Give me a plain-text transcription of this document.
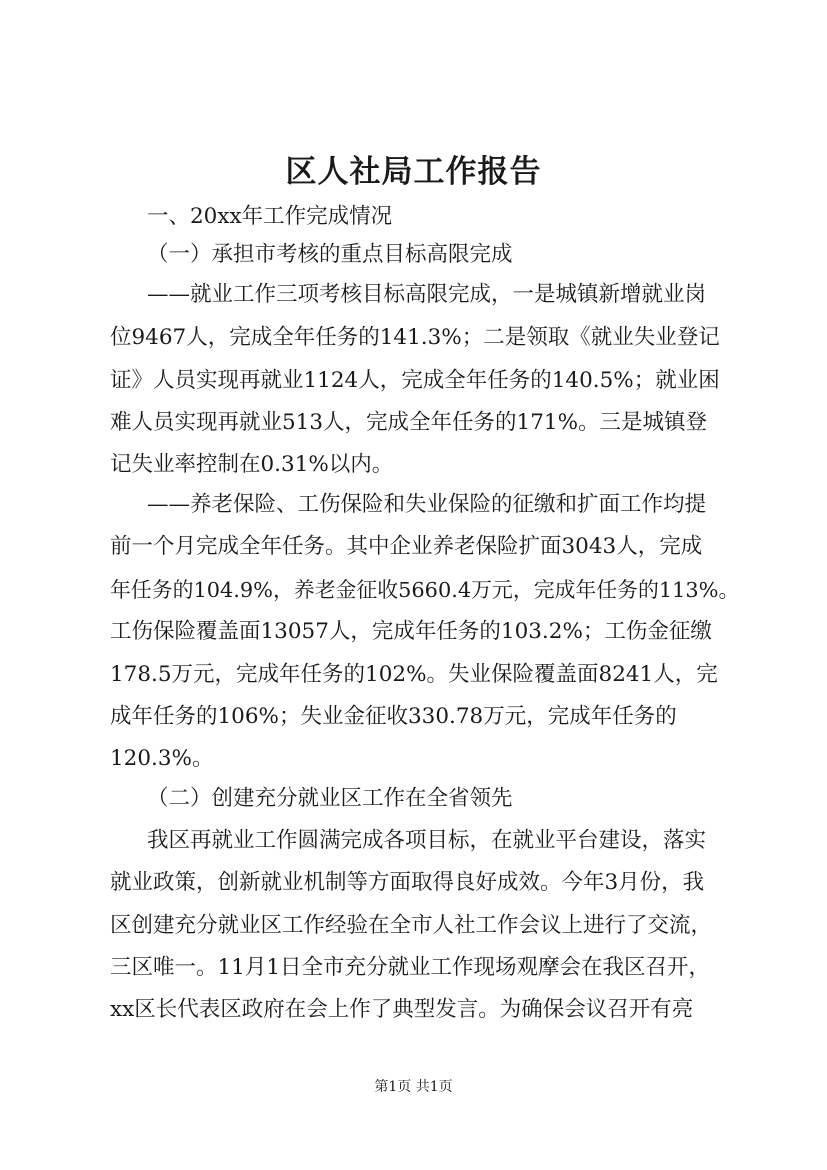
区人社局工作报告
一、20xx年工作完成情况
（一）承担市考核的重点目标高限完成
——就业工作三项考核目标高限完成，一是城镇新增就业岗
位9467人，完成全年任务的141.3%；二是领取《就业失业登记
证》人员实现再就业1124人，完成全年任务的140.5%；就业困
难人员实现再就业513人，完成全年任务的171%。三是城镇登
记失业率控制在0.31%以内。
——养老保险、工伤保险和失业保险的征缴和扩面工作均提
前一个月完成全年任务。其中企业养老保险扩面3043人，完成
年任务的104.9%，养老金征收5660.4万元，完成年任务的113%。
工伤保险覆盖面13057人，完成年任务的103.2%；工伤金征缴
178.5万元，完成年任务的102%。失业保险覆盖面8241人，完
成年任务的106%；失业金征收330.78万元，完成年任务的
120.3%。
（二）创建充分就业区工作在全省领先
我区再就业工作圆满完成各项目标，在就业平台建设，落实
就业政策，创新就业机制等方面取得良好成效。今年3月份，我
区创建充分就业区工作经验在全市人社工作会议上进行了交流，
三区唯一。11月1日全市充分就业工作现场观摩会在我区召开，
xx区长代表区政府在会上作了典型发言。为确保会议召开有亮
第1页 共1页
